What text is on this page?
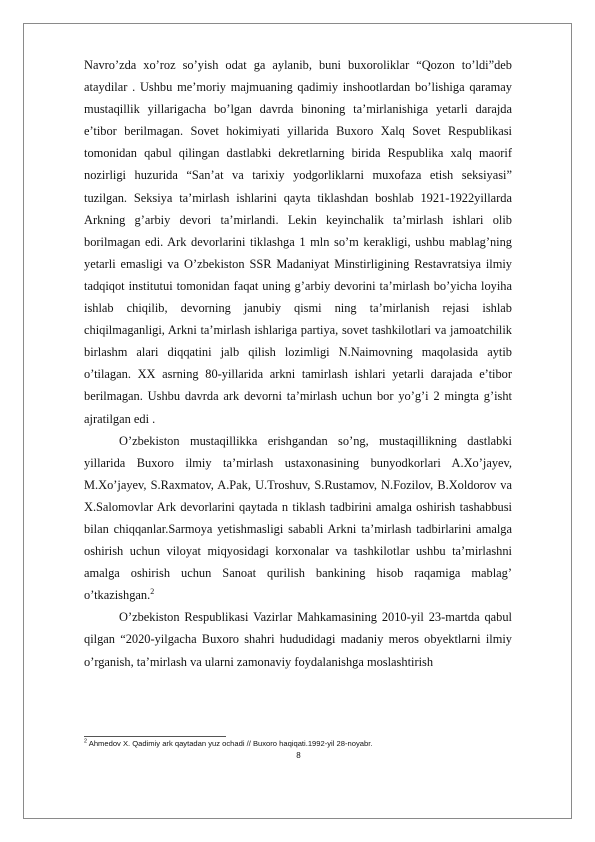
Navro’zda xo’roz so’yish odat ga aylanib, buni buxoroliklar “Qozon to’ldi”deb ataydilar . Ushbu me’moriy majmuaning qadimiy inshootlardan bo’lishiga qaramay mustaqillik yillarigacha bo’lgan davrda binoning ta’mirlanishiga yetarli darajda e’tibor berilmagan. Sovet hokimiyati yillarida Buxoro Xalq Sovet Respublikasi tomonidan qabul qilingan dastlabki dekretlarning birida Respublika xalq maorif nozirligi huzurida “San’at va tarixiy yodgorliklarni muxofaza etish seksiyasi” tuzilgan. Seksiya ta’mirlash ishlarini qayta tiklashdan boshlab 1921-1922yillarda Arkning g’arbiy devori ta’mirlandi. Lekin keyinchalik ta’mirlash ishlari olib borilmagan edi. Ark devorlarini tiklashga 1 mln so’m kerakligi, ushbu mablag’ning yetarli emasligi va O’zbekiston SSR Madaniyat Minstirligining Restavratsiya ilmiy tadqiqot institutui tomonidan faqat uning g’arbiy devorini ta’mirlash bo’yicha loyiha ishlab chiqilib, devorning janubiy qismi ning ta’mirlanish rejasi ishlab chiqilmaganligi, Arkni ta’mirlash ishlariga partiya, sovet tashkilotlari va jamoatchilik birlashm alari diqqatini jalb qilish lozimligi N.Naimovning maqolasida aytib o’tilagan. XX asrning 80-yillarida arkni tamirlash ishlari yetarli darajada e’tibor berilmagan. Ushbu davrda ark devorni ta’mirlash uchun bor yo’g’i 2 mingta g’isht ajratilgan edi .

O’zbekiston mustaqillikka erishgandan so’ng, mustaqillikning dastlabki yillarida Buxoro ilmiy ta’mirlash ustaxonasining bunyodkorlari A.Xo’jayev, M.Xo’jayev, S.Raxmatov, A.Pak, U.Troshuv, S.Rustamov, N.Fozilov, B.Xoldorov va X.Salomovlar Ark devorlarini qaytada n tiklash tadbirini amalga oshirish tashabbusi bilan chiqqanlar.Sarmoya yetishmasligi sababli Arkni ta’mirlash tadbirlarini amalga oshirish uchun viloyat miqyosidagi korxonalar va tashkilotlar ushbu ta’mirlashni amalga oshirish uchun Sanoat qurilish bankining hisob raqamiga mablag’ o’tkazishgan.$^2$

O’zbekiston Respublikasi Vazirlar Mahkamasining 2010-yil 23-martda qabul qilgan “2020-yilgacha Buxoro shahri hududidagi madaniy meros obyektlarni ilmiy o’rganish, ta’mirlash va ularni zamonaviy foydalanishga moslashtirish

$^2$ Ahmedov X. Qadimiy ark qaytadan yuz ochadi // Buxoro haqiqati.1992-yil 28-noyabr.
8
